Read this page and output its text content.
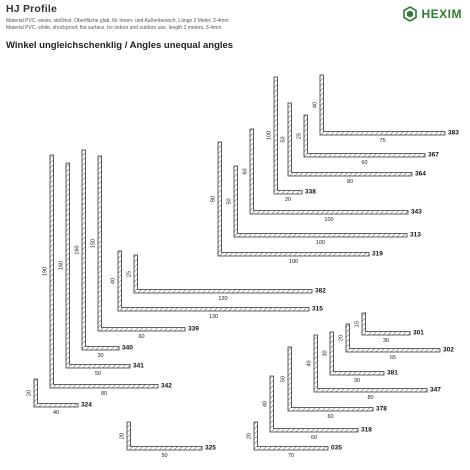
HJ Profile
Material PVC, weiss, stoßfest, Oberfläche glatt, für Innen- und Außenbereich, Länge 2 Meter, 3-4mm
Material PVC, white, shockproof, flat surface, for indoor and outdoor use, length 2 meters, 3-4mm
Winkel ungleichschenklig / Angles unequal angles
HEXIM
383
75
40
367
60
25
364
80
50
338
20
100
343
100
60
313
100
50
319
100
80
382
120
25
315
130
40
339
60
150
340
30
160
341
50
160
342
80
190
324
40
20
325
50
20
301
30
15
302
65
20
381
30
30
347
80
40
378
60
50
318
60
40
035
70
20
